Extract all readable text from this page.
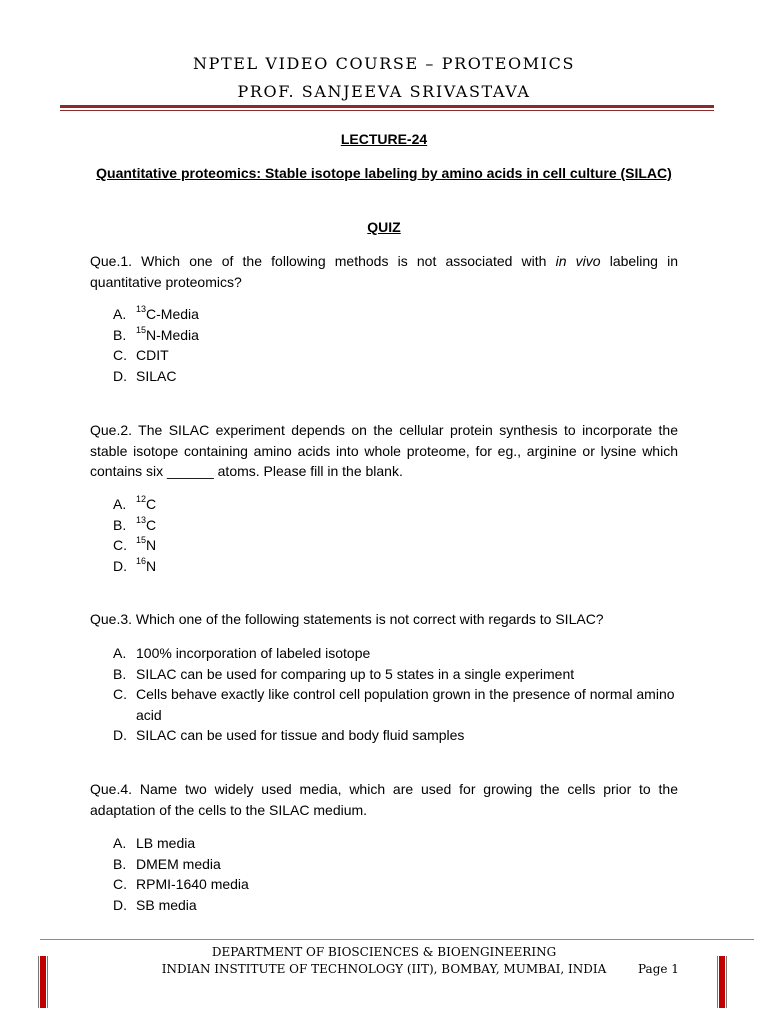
NPTEL VIDEO COURSE – PROTEOMICS
PROF. SANJEEVA SRIVASTAVA
LECTURE-24
Quantitative proteomics: Stable isotope labeling by amino acids in cell culture (SILAC)
QUIZ
Que.1. Which one of the following methods is not associated with in vivo labeling in quantitative proteomics?
A. $^{13}$C-Media
B. $^{15}$N-Media
C. CDIT
D. SILAC
Que.2. The SILAC experiment depends on the cellular protein synthesis to incorporate the stable isotope containing amino acids into whole proteome, for eg., arginine or lysine which contains six ______ atoms. Please fill in the blank.
A. $^{12}$C
B. $^{13}$C
C. $^{15}$N
D. $^{16}$N
Que.3. Which one of the following statements is not correct with regards to SILAC?
A. 100% incorporation of labeled isotope
B. SILAC can be used for comparing up to 5 states in a single experiment
C. Cells behave exactly like control cell population grown in the presence of normal amino acid
D. SILAC can be used for tissue and body fluid samples
Que.4. Name two widely used media, which are used for growing the cells prior to the adaptation of the cells to the SILAC medium.
A. LB media
B. DMEM media
C. RPMI-1640 media
D. SB media
DEPARTMENT OF BIOSCIENCES & BIOENGINEERING
INDIAN INSTITUTE OF TECHNOLOGY (IIT), BOMBAY, MUMBAI, INDIA	Page 1
